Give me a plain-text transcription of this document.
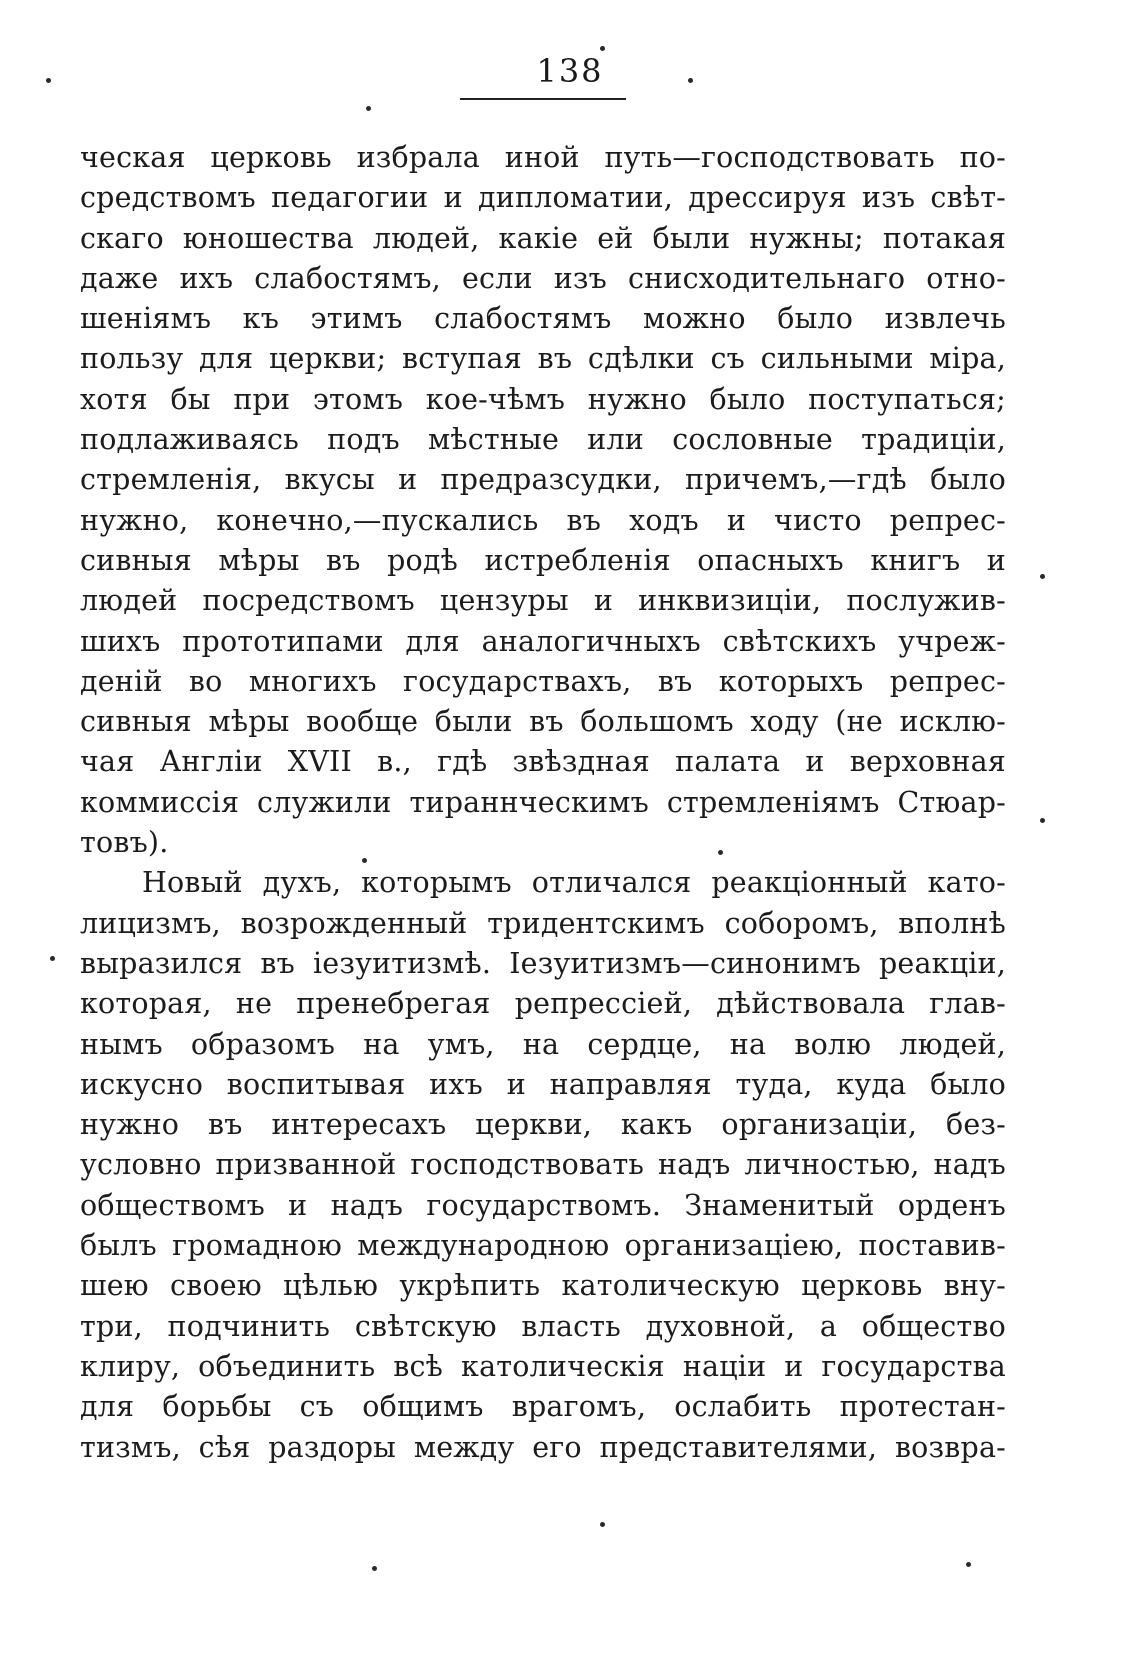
138
ческая церковь избрала иной путь—господствовать по-
средствомъ педагогии и дипломатии, дрессируя изъ свѣт-
скаго юношества людей, какіе ей были нужны; потакая
даже ихъ слабостямъ, если изъ снисходительнаго отно-
шеніямъ къ этимъ слабостямъ можно было извлечь
пользу для церкви; вступая въ сдѣлки съ сильными міра,
хотя бы при этомъ кое-чѣмъ нужно было поступаться;
подлаживаясь подъ мѣстные или сословные традиціи,
стремленія, вкусы и предразсудки, причемъ,—гдѣ было
нужно, конечно,—пускались въ ходъ и чисто репрес-
сивныя мѣры въ родѣ истребленія опасныхъ книгъ и
людей посредствомъ цензуры и инквизиціи, послужив-
шихъ прототипами для аналогичныхъ свѣтскихъ учреж-
деній во многихъ государствахъ, въ которыхъ репрес-
сивныя мѣры вообще были въ большомъ ходу (не исклю-
чая Англіи XVII в., гдѣ звѣздная палата и верховная
коммиссія служили тираннческимъ стремленіямъ Стюар-
товъ).
Новый духъ, которымъ отличался реакціонный като-
лицизмъ, возрожденный тридентскимъ соборомъ, вполнѣ
выразился въ іезуитизмѣ. Іезуитизмъ—синонимъ реакціи,
которая, не пренебрегая репрессіей, дѣйствовала глав-
нымъ образомъ на умъ, на сердце, на волю людей,
искусно воспитывая ихъ и направляя туда, куда было
нужно въ интересахъ церкви, какъ организаціи, без-
условно призванной господствовать надъ личностью, надъ
обществомъ и надъ государствомъ. Знаменитый орденъ
былъ громадною международною организаціею, поставив-
шею своею цѣлью укрѣпить католическую церковь вну-
три, подчинить свѣтскую власть духовной, а общество
клиру, объединить всѣ католическія націи и государства
для борьбы съ общимъ врагомъ, ослабить протестан-
тизмъ, сѣя раздоры между его представителями, возвра-
